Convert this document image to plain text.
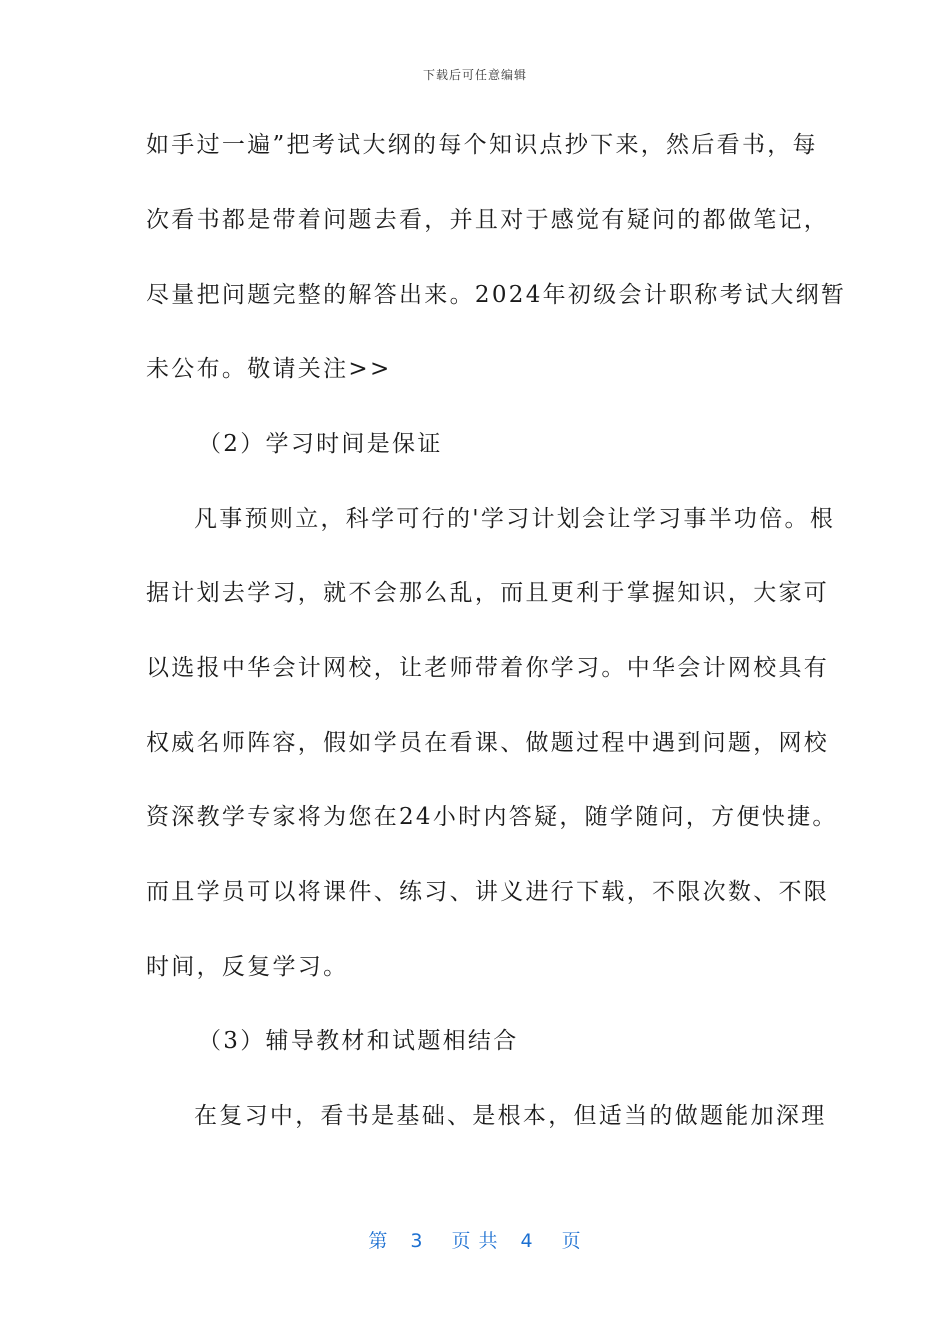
下载后可任意编辑
如手过一遍”把考试大纲的每个知识点抄下来，然后看书，每
次看书都是带着问题去看，并且对于感觉有疑问的都做笔记，
尽量把问题完整的解答出来。2024年初级会计职称考试大纲暂
未公布。敬请关注>>
（2）学习时间是保证
凡事预则立，科学可行的'学习计划会让学习事半功倍。根
据计划去学习，就不会那么乱，而且更利于掌握知识，大家可
以选报中华会计网校，让老师带着你学习。中华会计网校具有
权威名师阵容，假如学员在看课、做题过程中遇到问题，网校
资深教学专家将为您在24小时内答疑，随学随问，方便快捷。
而且学员可以将课件、练习、讲义进行下载，不限次数、不限
时间，反复学习。
（3）辅导教材和试题相结合
在复习中，看书是基础、是根本，但适当的做题能加深理
第 3 页 共 4 页
